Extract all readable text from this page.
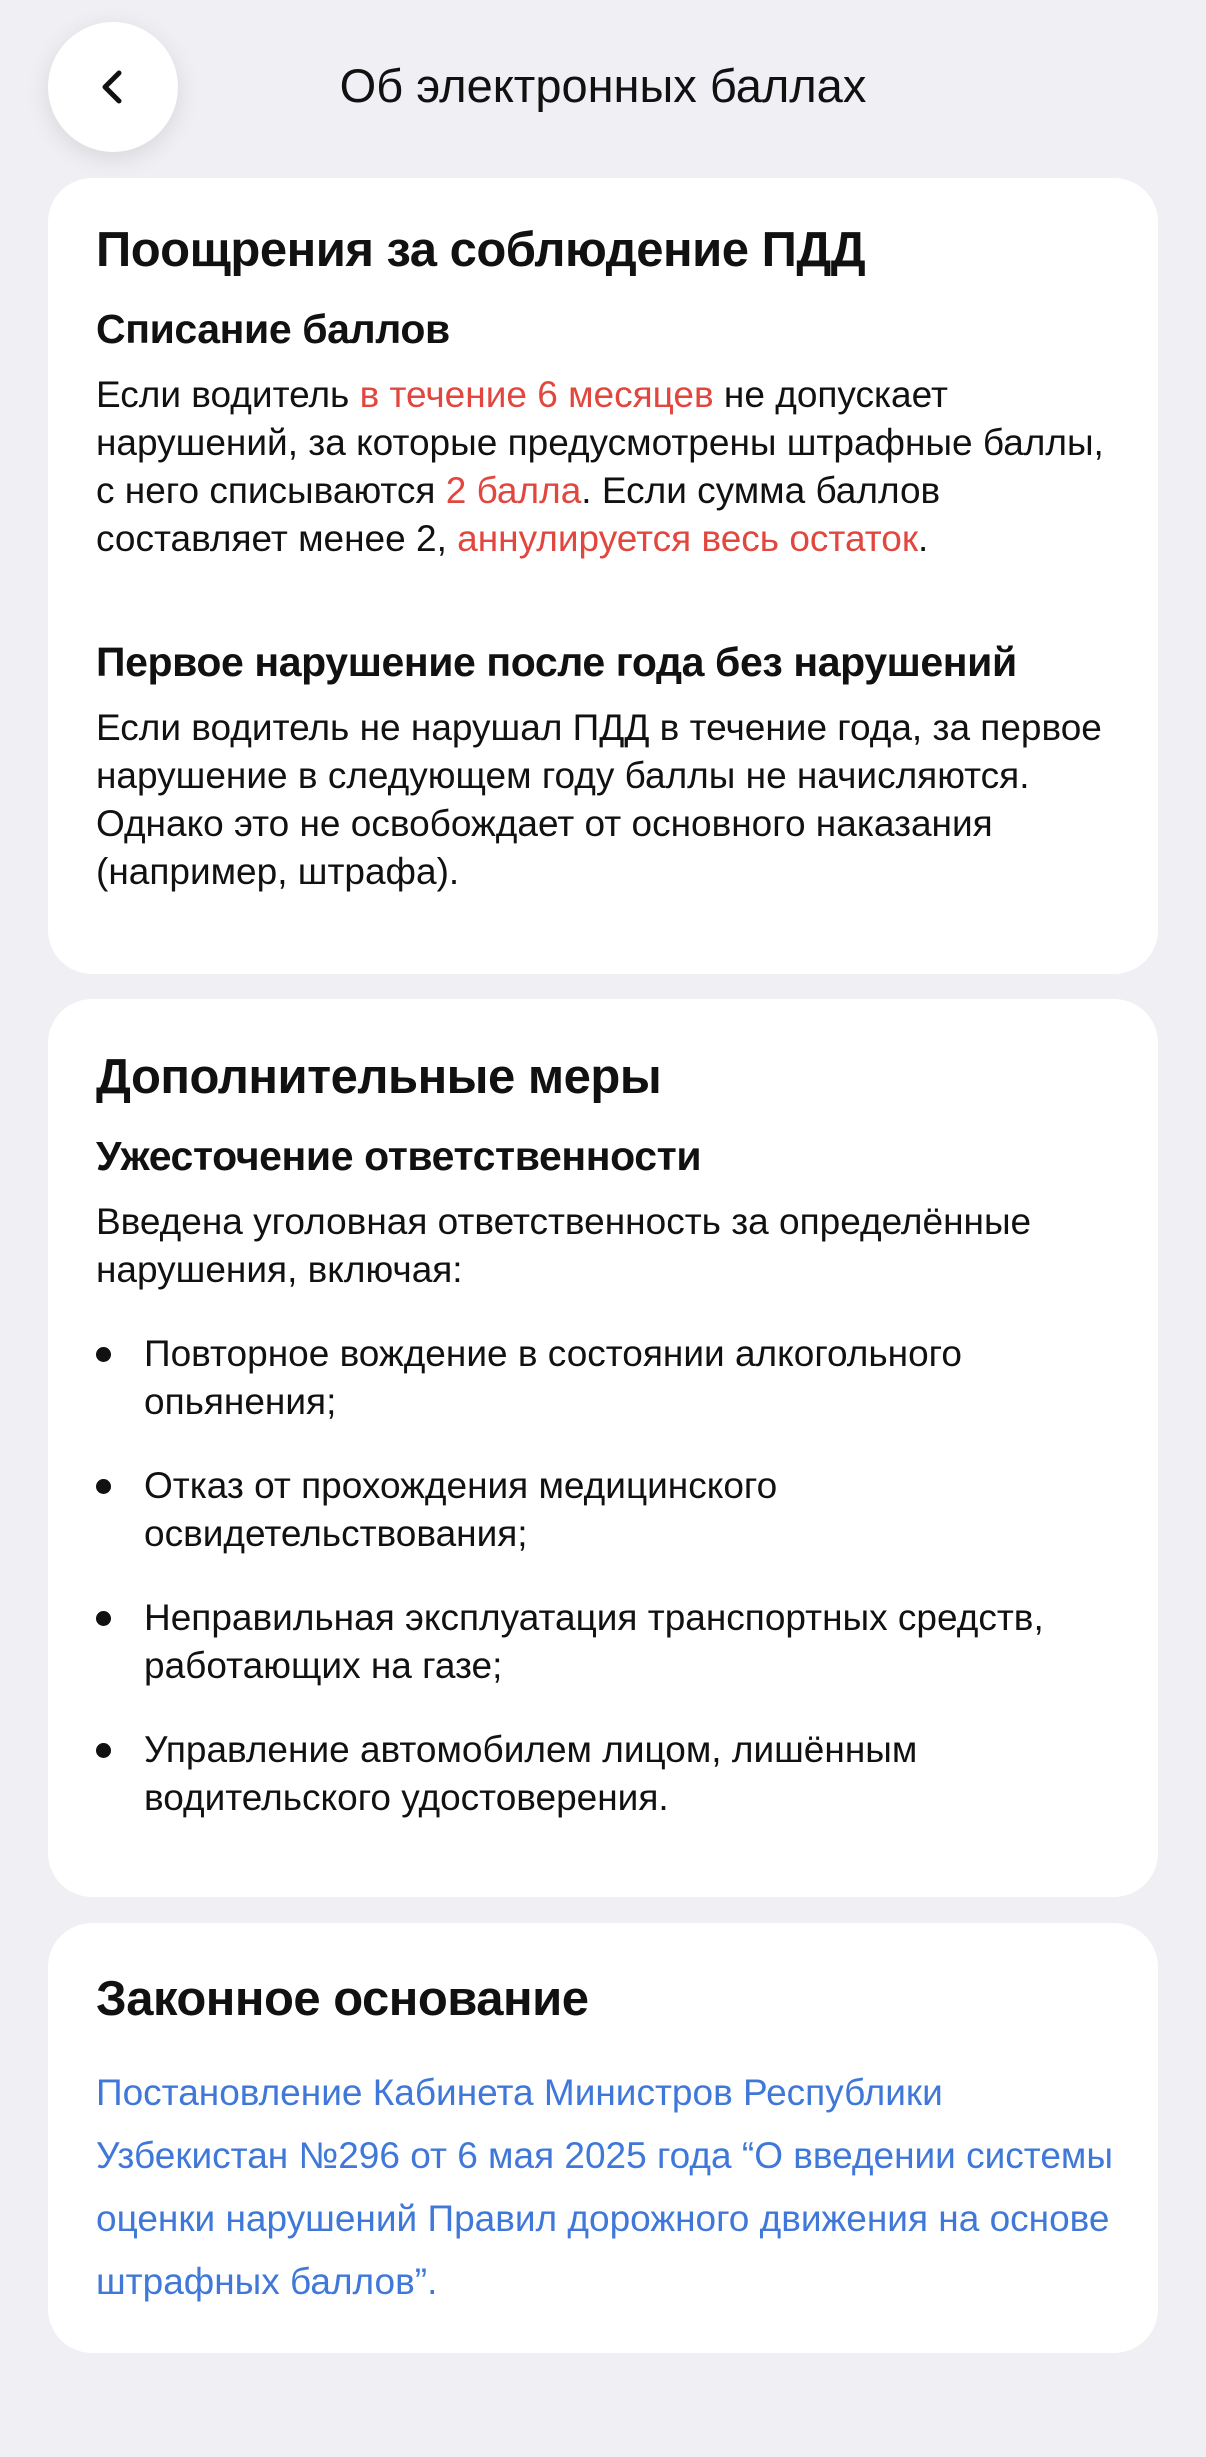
Об электронных баллах
Поощрения за соблюдение ПДД
Списание баллов

Если водитель в течение 6 месяцев не допускает нарушений, за которые предусмотрены штрафные баллы, с него списываются 2 балла. Если сумма баллов составляет менее 2, аннулируется весь остаток.

Первое нарушение после года без нарушений

Если водитель не нарушал ПДД в течение года, за первое нарушение в следующем году баллы не начисляются. Однако это не освобождает от основного наказания (например, штрафа).

Дополнительные меры
Ужесточение ответственности

Введена уголовная ответственность за определённые нарушения, включая:

Повторное вождение в состоянии алкогольного опьянения;
Отказ от прохождения медицинского освидетельствования;
Неправильная эксплуатация транспортных средств, работающих на газе;
Управление автомобилем лицом, лишённым водительского удостоверения.
Законное основание

Постановление Кабинета Министров Республики Узбекистан №296 от 6 мая 2025 года “О введении системы оценки нарушений Правил дорожного движения на основе штрафных баллов”.
